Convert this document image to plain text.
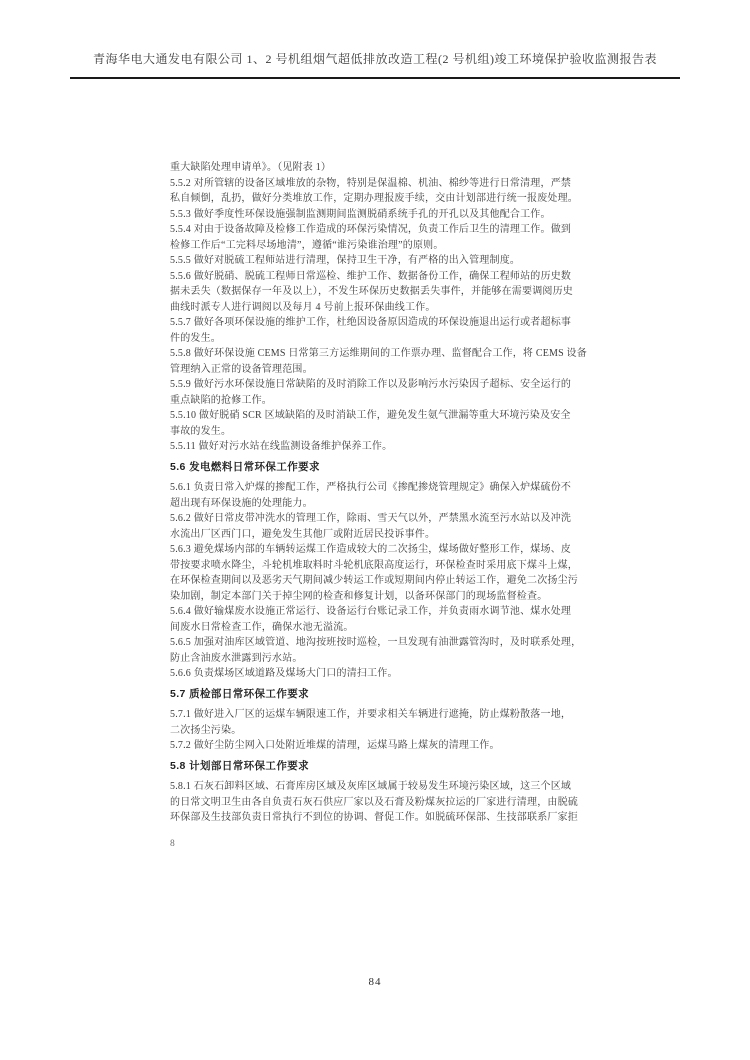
青海华电大通发电有限公司 1、2 号机组烟气超低排放改造工程(2 号机组)竣工环境保护验收监测报告表
重大缺陷处理申请单》。（见附表 1）
5.5.2 对所管辖的设备区域堆放的杂物，特别是保温棉、机油、棉纱等进行日常清理，严禁
私自倾倒，乱扔，做好分类堆放工作，定期办理报废手续，交由计划部进行统一报废处理。
5.5.3 做好季度性环保设施强制监测期间监测脱硝系统手孔的开孔以及其他配合工作。
5.5.4 对由于设备故障及检修工作造成的环保污染情况，负责工作后卫生的清理工作。做到
检修工作后“工完料尽场地清”，遵循“谁污染谁治理”的原则。
5.5.5 做好对脱硫工程师站进行清理，保持卫生干净，有严格的出入管理制度。
5.5.6 做好脱硝、脱硫工程师日常巡检、维护工作、数据备份工作，确保工程师站的历史数
据未丢失（数据保存一年及以上），不发生环保历史数据丢失事件，并能够在需要调阅历史
曲线时派专人进行调阅以及每月 4 号前上报环保曲线工作。
5.5.7 做好各项环保设施的维护工作，杜绝因设备原因造成的环保设施退出运行或者超标事
件的发生。
5.5.8 做好环保设施 CEMS 日常第三方运维期间的工作票办理、监督配合工作，将 CEMS 设备
管理纳入正常的设备管理范围。
5.5.9 做好污水环保设施日常缺陷的及时消除工作以及影响污水污染因子超标、安全运行的
重点缺陷的抢修工作。
5.5.10 做好脱硝 SCR 区域缺陷的及时消缺工作，避免发生氨气泄漏等重大环境污染及安全
事故的发生。
5.5.11 做好对污水站在线监测设备维护保养工作。
5.6 发电燃料日常环保工作要求
5.6.1 负责日常入炉煤的掺配工作，严格执行公司《掺配掺烧管理规定》确保入炉煤硫份不
超出现有环保设施的处理能力。
5.6.2 做好日常皮带冲洗水的管理工作，除雨、雪天气以外，严禁黑水流至污水站以及冲洗
水流出厂区西门口，避免发生其他厂或附近居民投诉事件。
5.6.3 避免煤场内部的车辆转运煤工作造成较大的二次扬尘，煤场做好整形工作，煤场、皮
带按要求喷水降尘，斗轮机堆取料时斗轮机底限高度运行，环保检查时采用底下煤斗上煤，
在环保检查期间以及恶劣天气期间减少转运工作或短期间内停止转运工作，避免二次扬尘污
染加剧，制定本部门关于掉尘网的检查和修复计划，以备环保部门的现场监督检查。
5.6.4 做好输煤废水设施正常运行、设备运行台账记录工作，并负责雨水调节池、煤水处理
间废水日常检查工作，确保水池无溢流。
5.6.5 加强对油库区域管道、地沟按班按时巡检，一旦发现有油泄露管沟时，及时联系处理，
防止含油废水泄露到污水站。
5.6.6 负责煤场区域道路及煤场大门口的清扫工作。
5.7 质检部日常环保工作要求
5.7.1 做好进入厂区的运煤车辆限速工作，并要求相关车辆进行遮掩，防止煤粉散落一地，
二次扬尘污染。
5.7.2 做好尘防尘网入口处附近堆煤的清理，运煤马路上煤灰的清理工作。
5.8 计划部日常环保工作要求
5.8.1 石灰石卸料区域、石膏库房区域及灰库区域属于较易发生环境污染区域，这三个区域
的日常文明卫生由各自负责石灰石供应厂家以及石膏及粉煤灰拉运的厂家进行清理，由脱硫
环保部及生技部负责日常执行不到位的协调、督促工作。如脱硫环保部、生技部联系厂家拒
8
84
